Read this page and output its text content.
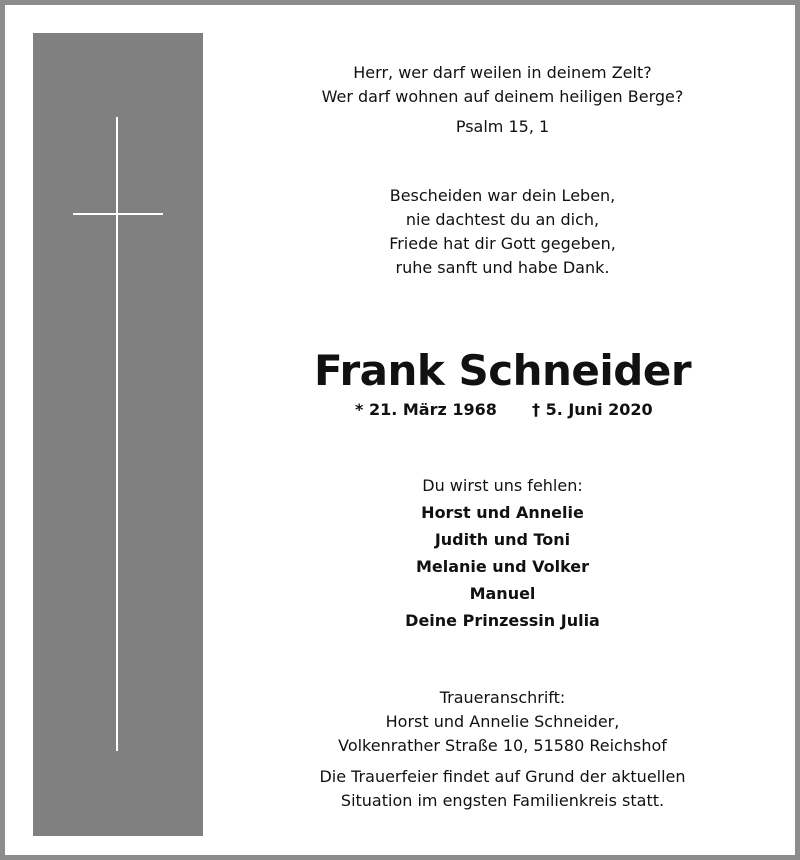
Herr, wer darf weilen in deinem Zelt?
Wer darf wohnen auf deinem heiligen Berge?
Psalm 15, 1
Bescheiden war dein Leben,
nie dachtest du an dich,
Friede hat dir Gott gegeben,
ruhe sanft und habe Dank.
Frank Schneider
* 21. März 1968 † 5. Juni 2020
Du wirst uns fehlen:
Horst und Annelie
Judith und Toni
Melanie und Volker
Manuel
Deine Prinzessin Julia
Traueranschrift:
Horst und Annelie Schneider,
Volkenrather Straße 10, 51580 Reichshof
Die Trauerfeier findet auf Grund der aktuellen
Situation im engsten Familienkreis statt.
